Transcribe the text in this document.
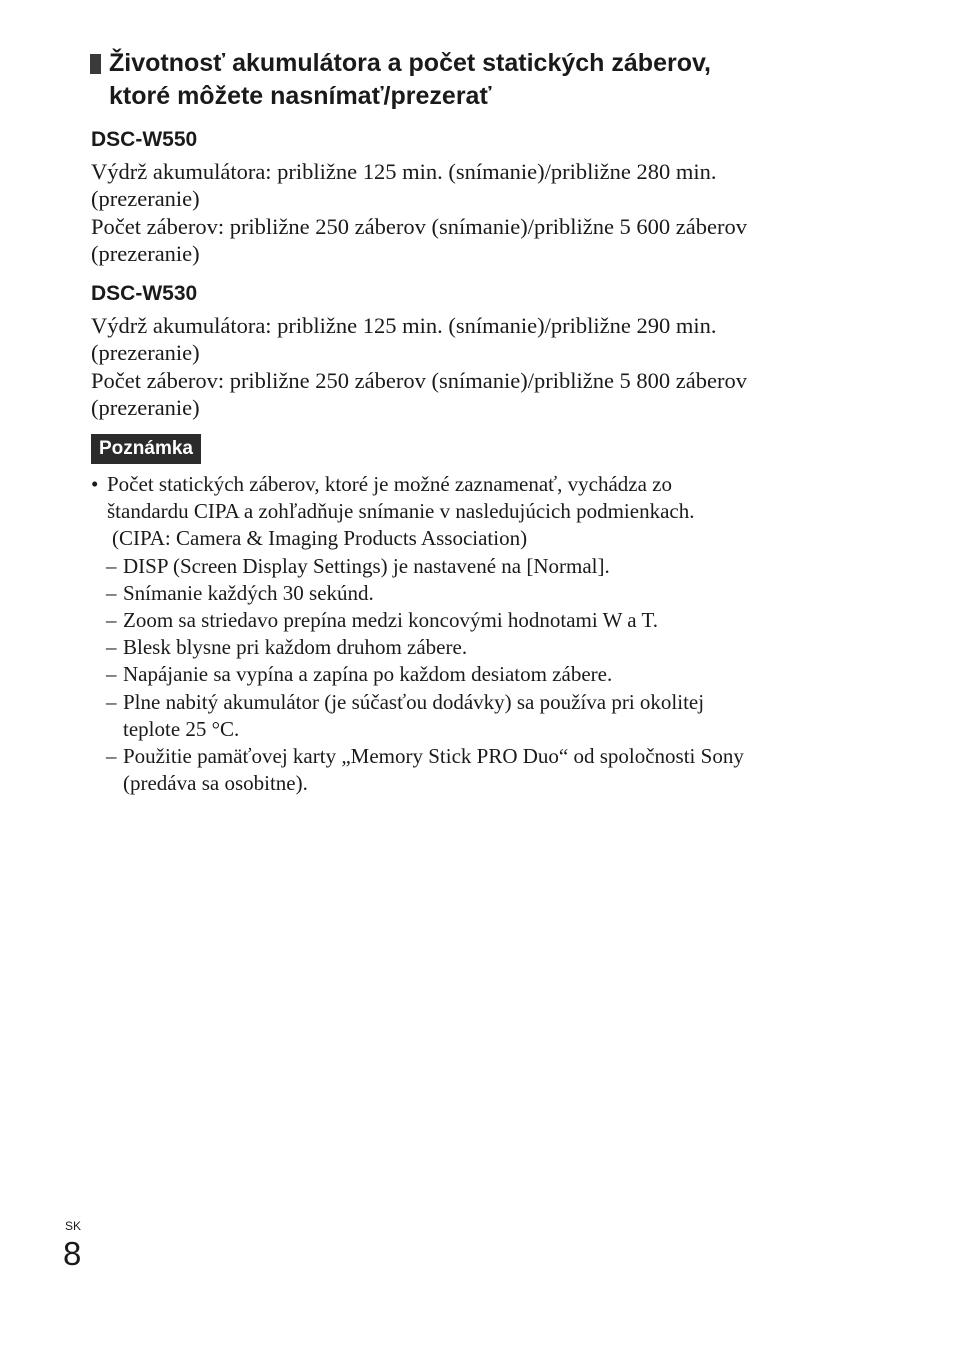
Životnosť akumulátora a počet statických záberov,
ktoré môžete nasnímať/prezerať
DSC-W550

Výdrž akumulátora: približne 125 min. (snímanie)/približne 280 min.

(prezeranie)

Počet záberov: približne 250 záberov (snímanie)/približne 5 600 záberov

(prezeranie)

DSC-W530

Výdrž akumulátora: približne 125 min. (snímanie)/približne 290 min.

(prezeranie)

Počet záberov: približne 250 záberov (snímanie)/približne 5 800 záberov

(prezeranie)

Poznámka
• Počet statických záberov, ktoré je možné zaznamenať, vychádza zo
štandardu CIPA a zohľadňuje snímanie v nasledujúcich podmienkach.
(CIPA: Camera & Imaging Products Association)
– DISP (Screen Display Settings) je nastavené na [Normal].
– Snímanie každých 30 sekúnd.
– Zoom sa striedavo prepína medzi koncovými hodnotami W a T.
– Blesk blysne pri každom druhom zábere.
– Napájanie sa vypína a zapína po každom desiatom zábere.
– Plne nabitý akumulátor (je súčasťou dodávky) sa používa pri okolitej
teplote 25 °C.
– Použitie pamäťovej karty „Memory Stick PRO Duo“ od spoločnosti Sony
(predáva sa osobitne).
SK
8
